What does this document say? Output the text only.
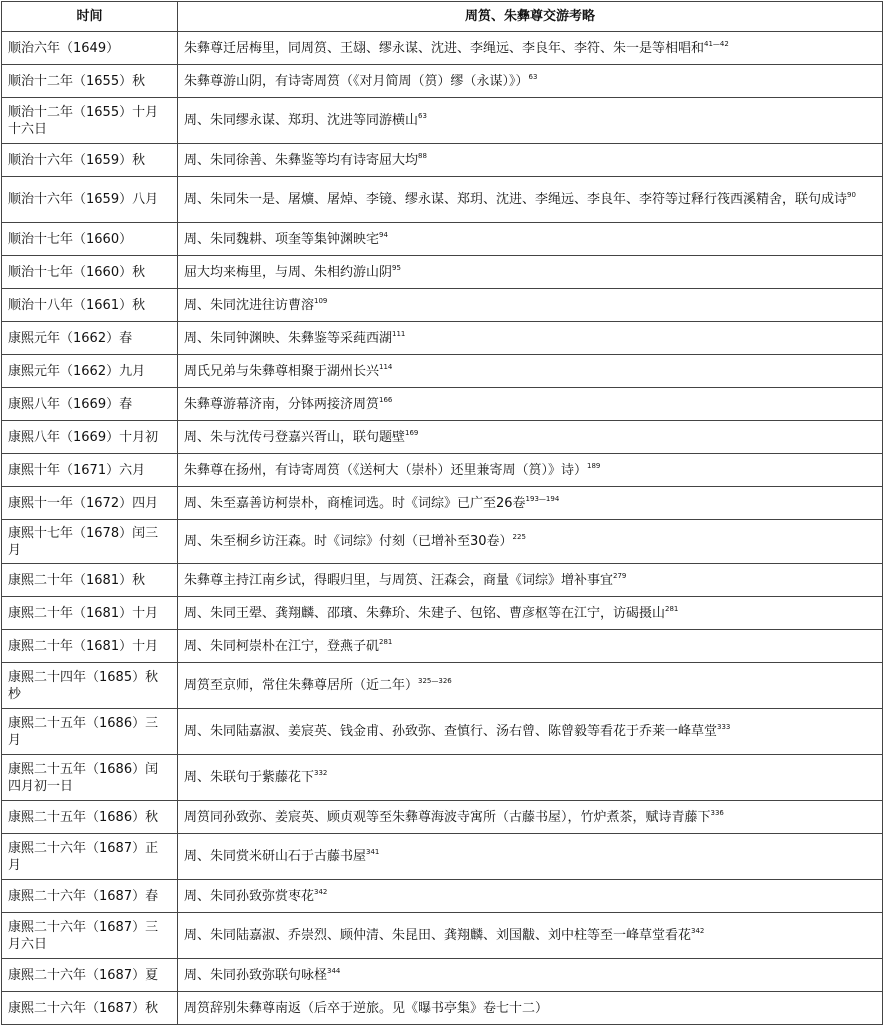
时间	周筼、朱彝尊交游考略
顺治六年（1649）	朱彝尊迁居梅里，同周筼、王翃、缪永谋、沈进、李绳远、李良年、李符、朱一是等相唱和$^{41—42}$
顺治十二年（1655）秋	朱彝尊游山阴，有诗寄周筼（《对月简周（筼）缪（永谋）》）$^{63}$
顺治十二年（1655）十月十六日	周、朱同缪永谋、郑玥、沈进等同游横山$^{63}$
顺治十六年（1659）秋	周、朱同徐善、朱彝鉴等均有诗寄屈大均$^{88}$
顺治十六年（1659）八月	周、朱同朱一是、屠爌、屠焯、李镜、缪永谋、郑玥、沈进、李绳远、李良年、李符等过释行筏西溪精舍，联句成诗$^{90}$
顺治十七年（1660）	周、朱同魏耕、项奎等集钟渊映宅$^{94}$
顺治十七年（1660）秋	屈大均来梅里，与周、朱相约游山阴$^{95}$
顺治十八年（1661）秋	周、朱同沈进往访曹溶$^{109}$
康熙元年（1662）春	周、朱同钟渊映、朱彝鉴等采莼西湖$^{111}$
康熙元年（1662）九月	周氏兄弟与朱彝尊相聚于湖州长兴$^{114}$
康熙八年（1669）春	朱彝尊游幕济南，分钵两接济周筼$^{166}$
康熙八年（1669）十月初	周、朱与沈传弓登嘉兴胥山，联句题壁$^{169}$
康熙十年（1671）六月	朱彝尊在扬州，有诗寄周筼（《送柯大（崇朴）还里兼寄周（筼）》诗）$^{189}$
康熙十一年（1672）四月	周、朱至嘉善访柯崇朴，商榷词选。时《词综》已广至26卷$^{193—194}$
康熙十七年（1678）闰三月	周、朱至桐乡访汪森。时《词综》付刻（已增补至30卷）$^{225}$
康熙二十年（1681）秋	朱彝尊主持江南乡试，得暇归里，与周筼、汪森会，商量《词综》增补事宜$^{279}$
康熙二十年（1681）十月	周、朱同王翚、龚翔麟、邵璸、朱彝玠、朱建子、包铭、曹彦枢等在江宁，访碣摄山$^{281}$
康熙二十年（1681）十月	周、朱同柯崇朴在江宁，登燕子矶$^{281}$
康熙二十四年（1685）秋杪	周筼至京师，常住朱彝尊居所（近二年）$^{325—326}$
康熙二十五年（1686）三月	周、朱同陆嘉淑、姜宸英、钱金甫、孙致弥、查慎行、汤右曾、陈曾毅等看花于乔莱一峰草堂$^{333}$
康熙二十五年（1686）闰四月初一日	周、朱联句于紫藤花下$^{332}$
康熙二十五年（1686）秋	周筼同孙致弥、姜宸英、顾贞观等至朱彝尊海波寺寓所（古藤书屋），竹炉煮茶，赋诗青藤下$^{336}$
康熙二十六年（1687）正月	周、朱同赏米研山石于古藤书屋$^{341}$
康熙二十六年（1687）春	周、朱同孙致弥赏枣花$^{342}$
康熙二十六年（1687）三月六日	周、朱同陆嘉淑、乔崇烈、顾仲清、朱昆田、龚翔麟、刘国黻、刘中柱等至一峰草堂看花$^{342}$
康熙二十六年（1687）夏	周、朱同孙致弥联句咏柽$^{344}$
康熙二十六年（1687）秋	周筼辞别朱彝尊南返（后卒于逆旅。见《曝书亭集》卷七十二）
